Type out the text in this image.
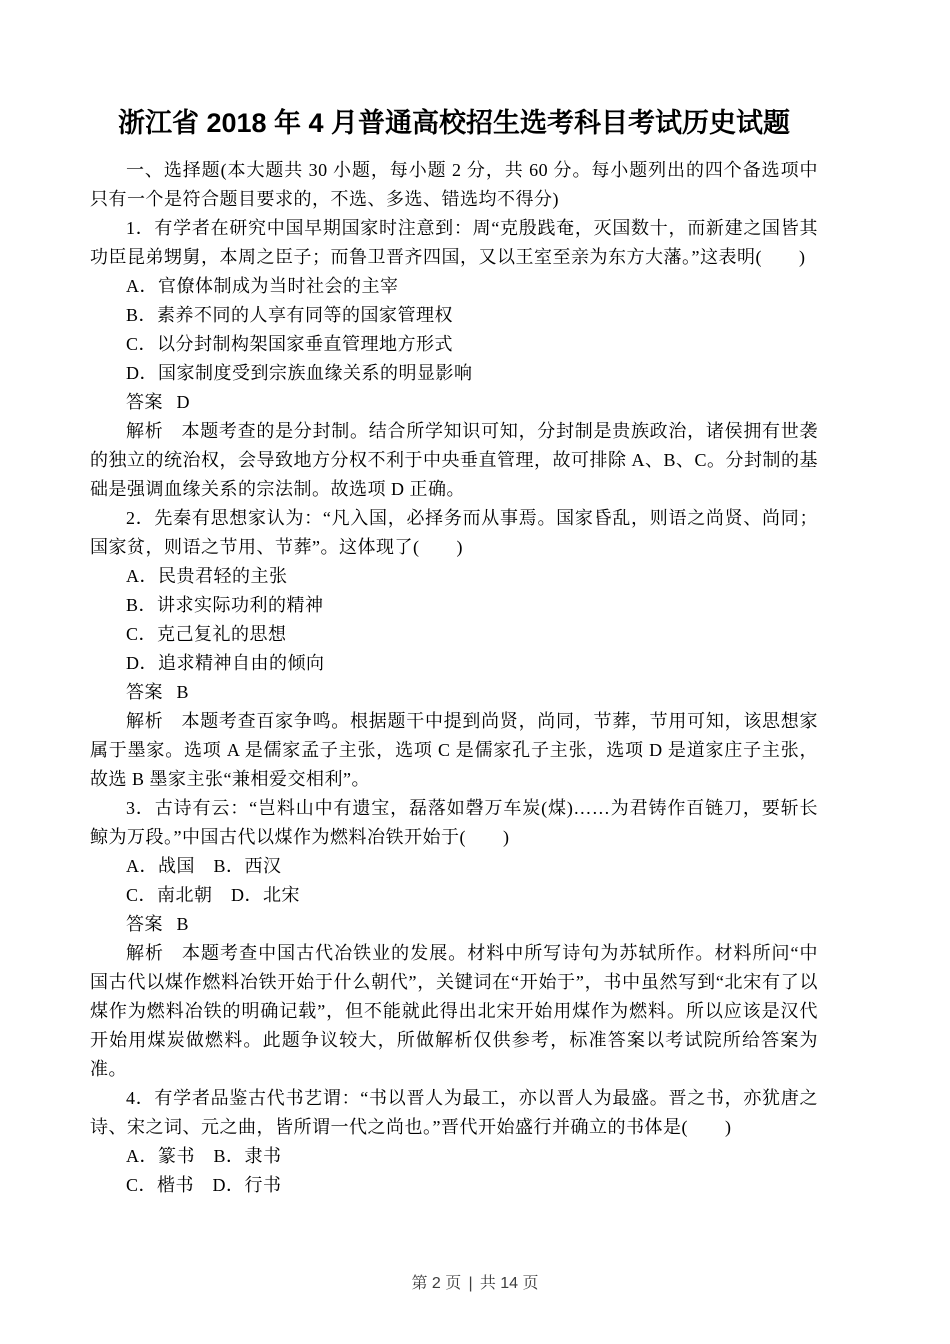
浙江省 2018 年 4 月普通高校招生选考科目考试历史试题

一、选择题(本大题共 30 小题，每小题 2 分，共 60 分。每小题列出的四个备选项中只有一个是符合题目要求的，不选、多选、错选均不得分)

1．有学者在研究中国早期国家时注意到：周“克殷践奄，灭国数十，而新建之国皆其功臣昆弟甥舅，本周之臣子；而鲁卫晋齐四国，又以王室至亲为东方大藩。”这表明(　　)

A．官僚体制成为当时社会的主宰

B．素养不同的人享有同等的国家管理权

C．以分封制构架国家垂直管理地方形式

D．国家制度受到宗族血缘关系的明显影响

答案 D

解析 本题考查的是分封制。结合所学知识可知，分封制是贵族政治，诸侯拥有世袭的独立的统治权，会导致地方分权不利于中央垂直管理，故可排除 A、B、C。分封制的基础是强调血缘关系的宗法制。故选项 D 正确。

2．先秦有思想家认为：“凡入国，必择务而从事焉。国家昏乱，则语之尚贤、尚同；国家贫，则语之节用、节葬”。这体现了(　　)

A．民贵君轻的主张

B．讲求实际功利的精神

C．克己复礼的思想

D．追求精神自由的倾向

答案 B

解析 本题考查百家争鸣。根据题干中提到尚贤，尚同，节葬，节用可知，该思想家属于墨家。选项 A 是儒家孟子主张，选项 C 是儒家孔子主张，选项 D 是道家庄子主张，故选 B 墨家主张“兼相爱交相利”。

3．古诗有云：“岂料山中有遗宝，磊落如磬万车炭(煤)……为君铸作百链刀，要斩长鲸为万段。”中国古代以煤作为燃料冶铁开始于(　　)

A．战国　B．西汉

C．南北朝　D．北宋

答案 B

解析 本题考查中国古代冶铁业的发展。材料中所写诗句为苏轼所作。材料所问“中国古代以煤作燃料冶铁开始于什么朝代”，关键词在“开始于”，书中虽然写到“北宋有了以煤作为燃料冶铁的明确记载”，但不能就此得出北宋开始用煤作为燃料。所以应该是汉代开始用煤炭做燃料。此题争议较大，所做解析仅供参考，标准答案以考试院所给答案为准。

4．有学者品鉴古代书艺谓：“书以晋人为最工，亦以晋人为最盛。晋之书，亦犹唐之诗、宋之词、元之曲，皆所谓一代之尚也。”晋代开始盛行并确立的书体是(　　)

A．篆书　B．隶书

C．楷书　D．行书

第 2 页 | 共 14 页
